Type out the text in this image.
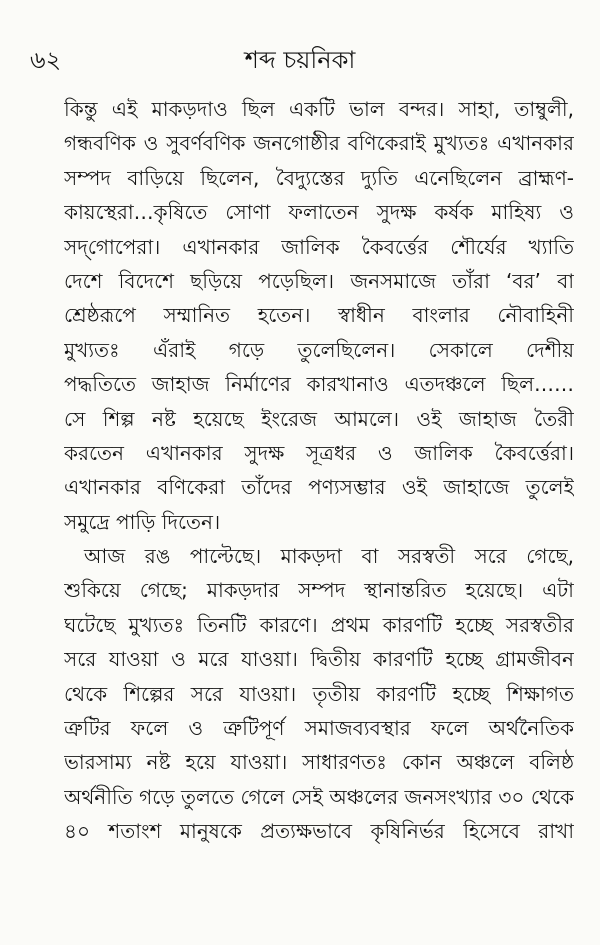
৬২	শব্দ চয়নিকা
কিন্তু এই মাকড়দাও ছিল একটি ভাল বন্দর। সাহা, তাম্বুলী,
গন্ধবণিক ও সুবর্ণবণিক জনগোষ্ঠীর বণিকেরাই মুখ্যতঃ এখানকার
সম্পদ বাড়িয়ে ছিলেন, বৈদ্যুস্তের দ্যুতি এনেছিলেন ব্রাহ্মণ-
কায়স্থেরা…কৃষিতে সোণা ফলাতেন সুদক্ষ কর্ষক মাহিষ্য ও
সদ্‌গোপেরা। এখানকার জালিক কৈবর্ত্তের শৌর্যের খ্যাতি
দেশে বিদেশে ছড়িয়ে পড়েছিল। জনসমাজে তাঁরা ‘বর’ বা
শ্রেষ্ঠরূপে সম্মানিত হতেন। স্বাধীন বাংলার নৌবাহিনী
মুখ্যতঃ এঁরাই গড়ে তুলেছিলেন। সেকালে দেশীয়
পদ্ধতিতে জাহাজ নির্মাণের কারখানাও এতদঞ্চলে ছিল……
সে শিল্প নষ্ট হয়েছে ইংরেজ আমলে। ওই জাহাজ তৈরী
করতেন এখানকার সুদক্ষ সূত্রধর ও জালিক কৈবর্ত্তেরা।
এখানকার বণিকেরা তাঁদের পণ্যসম্ভার ওই জাহাজে তুলেই
সমুদ্রে পাড়ি দিতেন।
আজ রঙ পাল্টেছে। মাকড়দা বা সরস্বতী সরে গেছে,
শুকিয়ে গেছে; মাকড়দার সম্পদ স্থানান্তরিত হয়েছে। এটা
ঘটেছে মুখ্যতঃ তিনটি কারণে। প্রথম কারণটি হচ্ছে সরস্বতীর
সরে যাওয়া ও মরে যাওয়া। দ্বিতীয় কারণটি হচ্ছে গ্রামজীবন
থেকে শিল্পের সরে যাওয়া। তৃতীয় কারণটি হচ্ছে শিক্ষাগত
ত্রুটির ফলে ও ত্রুটিপূর্ণ সমাজব্যবস্থার ফলে অর্থনৈতিক
ভারসাম্য নষ্ট হয়ে যাওয়া। সাধারণতঃ কোন অঞ্চলে বলিষ্ঠ
অর্থনীতি গড়ে তুলতে গেলে সেই অঞ্চলের জনসংখ্যার ৩০ থেকে
৪০ শতাংশ মানুষকে প্রত্যক্ষভাবে কৃষিনির্ভর হিসেবে রাখা
